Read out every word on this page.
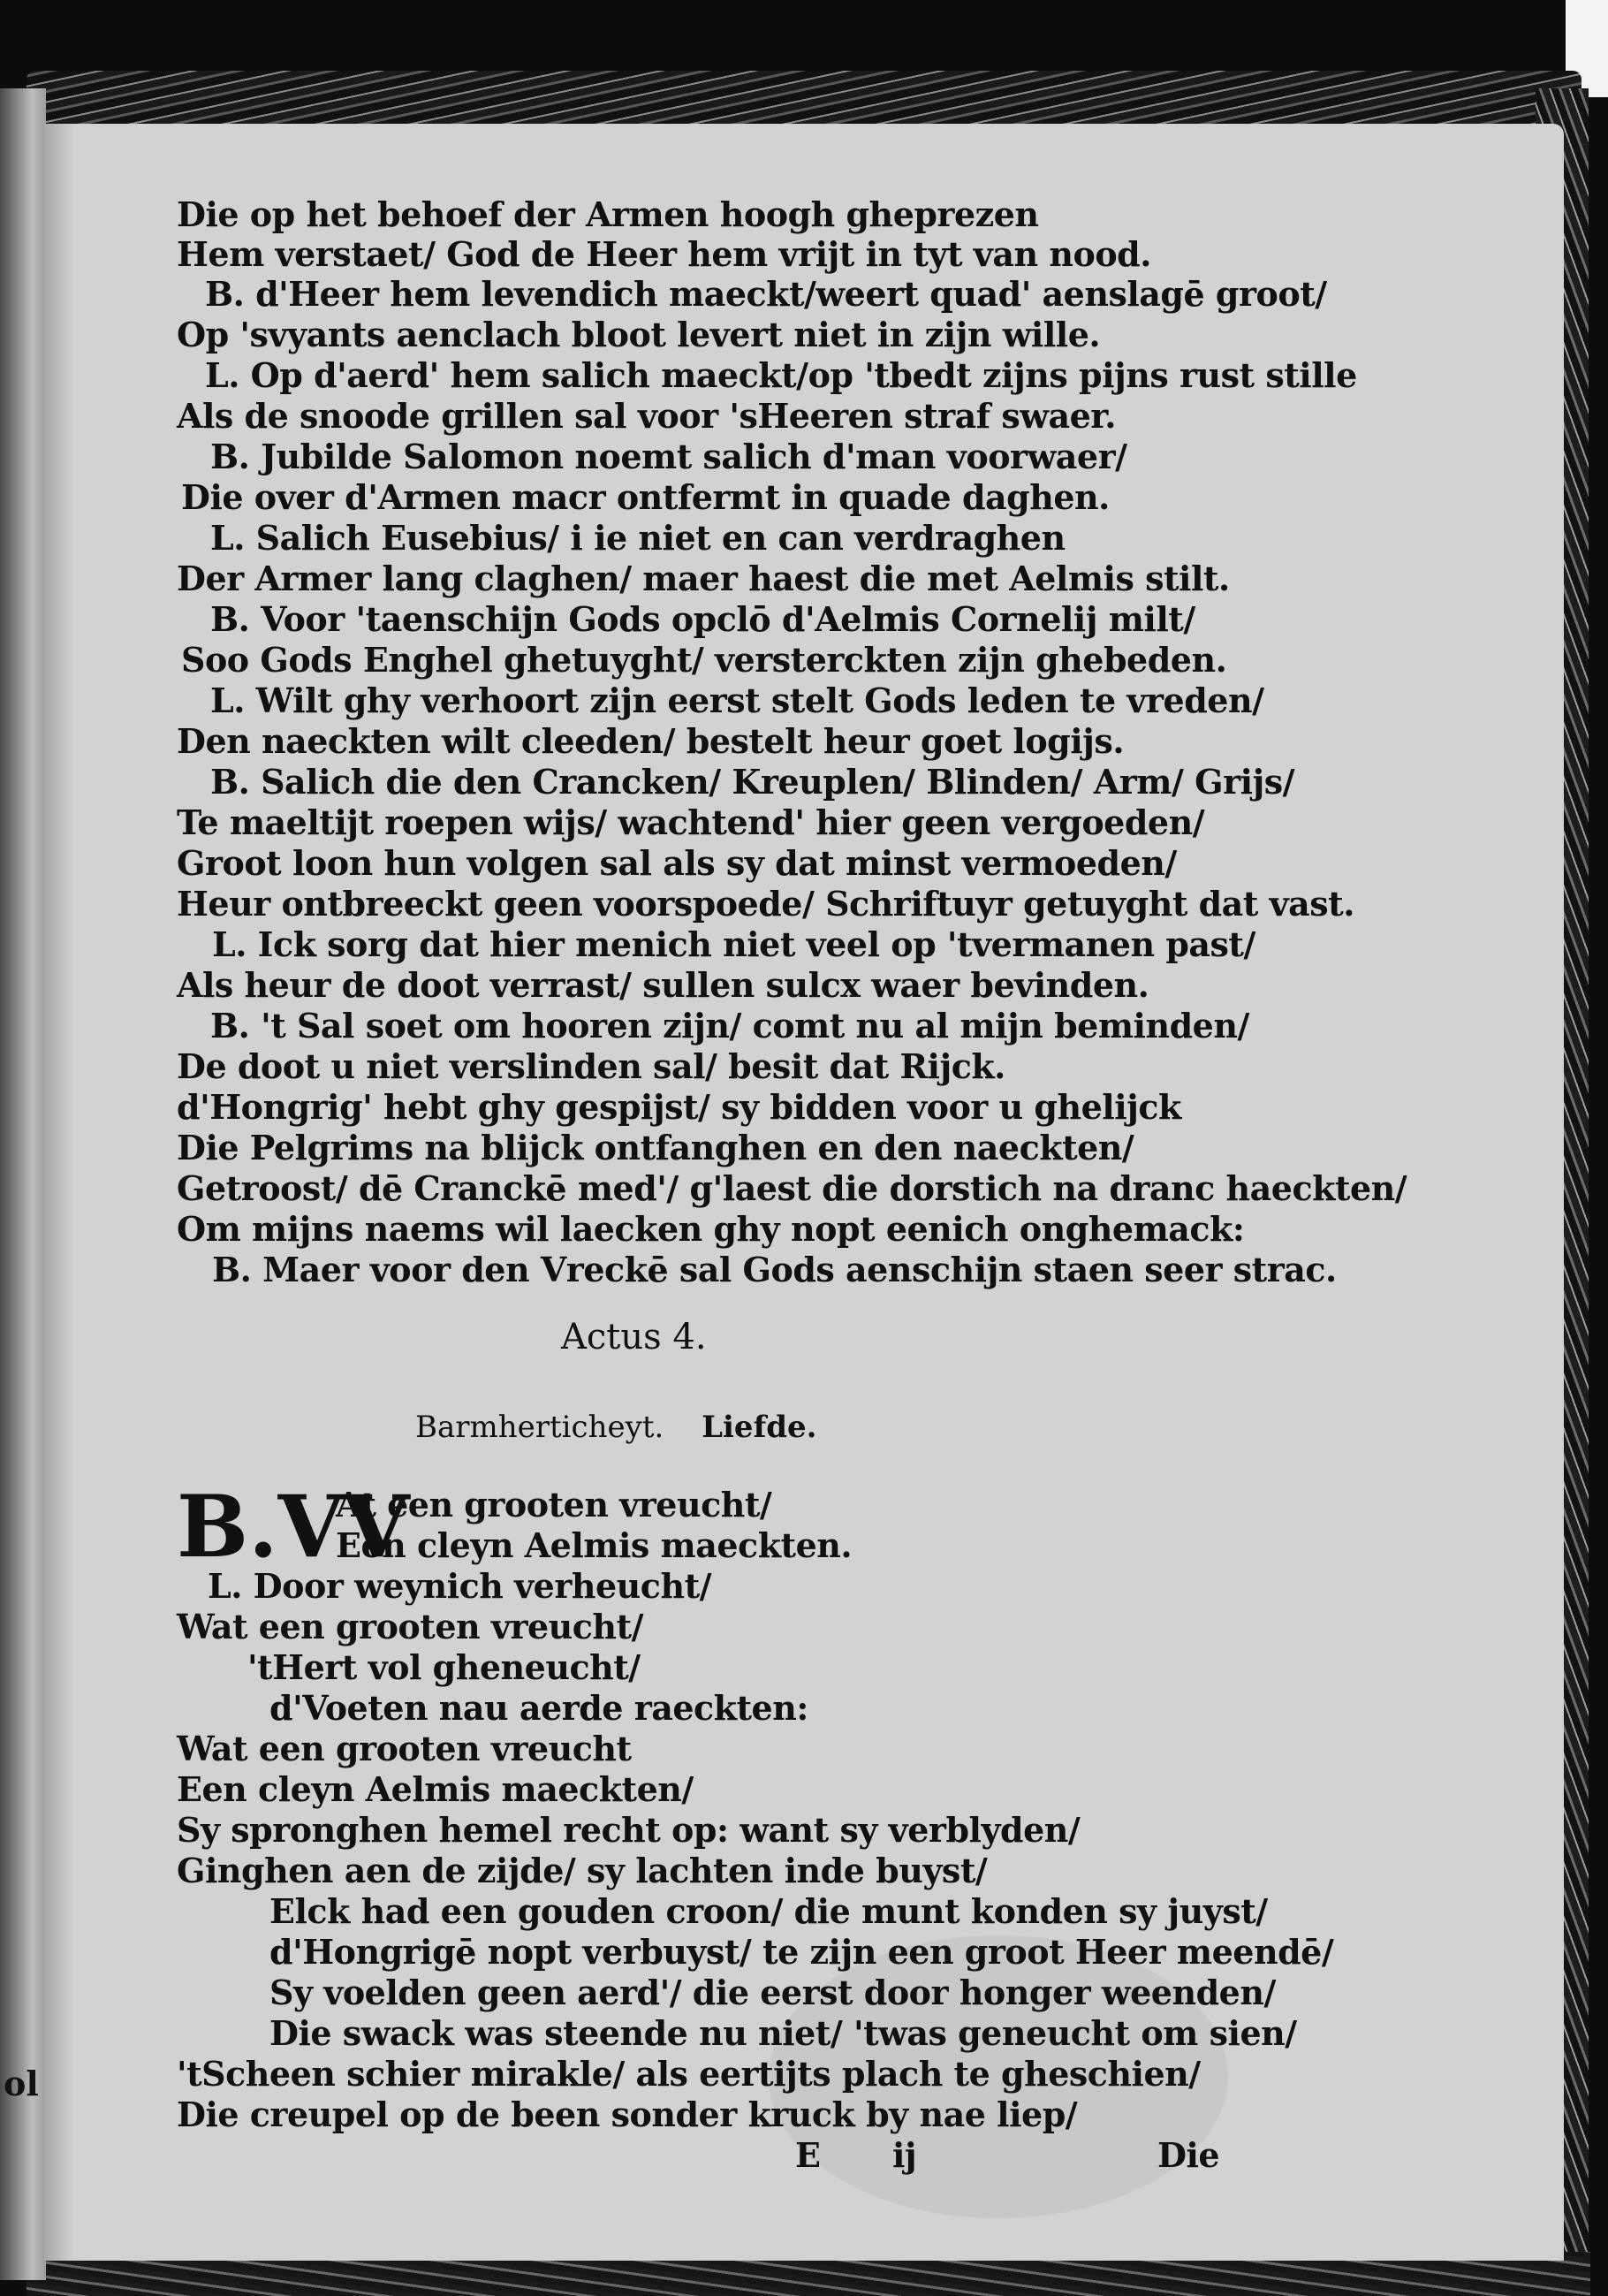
Die op het behoef der Armen hoogh gheprezen

Hem verstaet/ God de Heer hem vrijt in tyt van nood.

B. d'Heer hem levendich maeckt/weert quad' aenslagē groot/

Op 'svyants aenclach bloot levert niet in zijn wille.

L. Op d'aerd' hem salich maeckt/op 'tbedt zijns pijns rust stille

Als de snoode grillen sal voor 'sHeeren straf swaer.

B. Jubilde Salomon noemt salich d'man voorwaer/

Die over d'Armen macr ontfermt in quade daghen.

L. Salich Eusebius/ i ie niet en can verdraghen

Der Armer lang claghen/ maer haest die met Aelmis stilt.

B. Voor 'taenschijn Gods opclō d'Aelmis Cornelij milt/

Soo Gods Enghel ghetuyght/ versterckten zijn ghebeden.

L. Wilt ghy verhoort zijn eerst stelt Gods leden te vreden/

Den naeckten wilt cleeden/ bestelt heur goet logijs.

B. Salich die den Crancken/ Kreuplen/ Blinden/ Arm/ Grijs/

Te maeltijt roepen wijs/ wachtend' hier geen vergoeden/

Groot loon hun volgen sal als sy dat minst vermoeden/

Heur ontbreeckt geen voorspoede/ Schriftuyr getuyght dat vast.

L. Ick sorg dat hier menich niet veel op 'tvermanen past/

Als heur de doot verrast/ sullen sulcx waer bevinden.

B. 't Sal soet om hooren zijn/ comt nu al mijn beminden/

De doot u niet verslinden sal/ besit dat Rijck.

d'Hongrig' hebt ghy gespijst/ sy bidden voor u ghelijck

Die Pelgrims na blijck ontfanghen en den naeckten/

Getroost/ dē Cranckē med'/ g'laest die dorstich na dranc haeckten/

Om mijns naems wil laecken ghy nopt eenich onghemack:

B. Maer voor den Vreckē sal Gods aenschijn staen seer strac.

Actus 4.

Barmherticheyt. Liefde.

B.VV

At een grooten vreucht/

Een cleyn Aelmis maeckten.

L. Door weynich verheucht/

Wat een grooten vreucht/

'tHert vol gheneucht/

d'Voeten nau aerde raeckten:

Wat een grooten vreucht

Een cleyn Aelmis maeckten/

Sy spronghen hemel recht op: want sy verblyden/

Ginghen aen de zijde/ sy lachten inde buyst/

Elck had een gouden croon/ die munt konden sy juyst/

d'Hongrigē nopt verbuyst/ te zijn een groot Heer meendē/

Sy voelden geen aerd'/ die eerst door honger weenden/

Die swack was steende nu niet/ 'twas geneucht om sien/

'tScheen schier mirakle/ als eertijts plach te gheschien/

Die creupel op de been sonder kruck by nae liep/

E ij	Die

ol
